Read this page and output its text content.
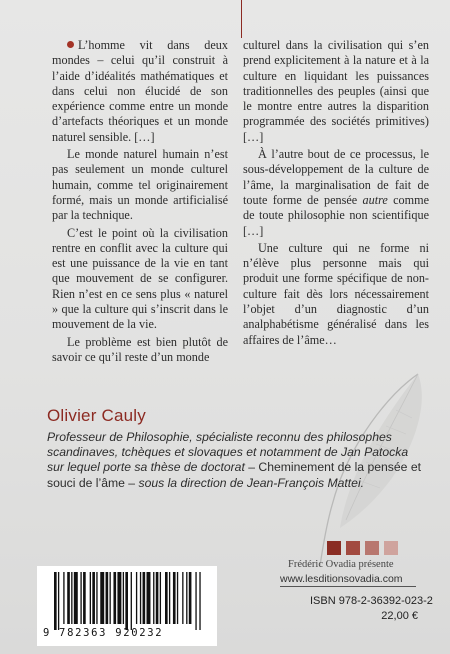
L’homme vit dans deux mondes – celui qu’il construit à l’aide d’idéalités mathématiques et dans celui non élucidé de son expérience comme entre un monde d’artefacts théoriques et un monde naturel sensible. […]

Le monde naturel humain n’est pas seulement un monde culturel humain, comme tel originairement formé, mais un monde artificialisé par la technique.

C’est le point où la civilisation rentre en conflit avec la culture qui est une puissance de la vie en tant que mouvement de se configurer. Rien n’est en ce sens plus « naturel » que la culture qui s’inscrit dans le mouvement de la vie.

Le problème est bien plutôt de savoir ce qu’il reste d’un monde

culturel dans la civilisation qui s’en prend explicitement à la nature et à la culture en liquidant les puissances traditionnelles des peuples (ainsi que le montre entre autres la disparition programmée des sociétés primitives) […]

À l’autre bout de ce processus, le sous-développement de la culture de l’âme, la marginalisation de fait de toute forme de pensée autre comme de toute philosophie non scientifique […]

Une culture qui ne forme ni n’élève plus personne mais qui produit une forme spécifique de non-culture fait dès lors nécessairement l’objet d’un diagnostic d’un analphabétisme généralisé dans les affaires de l’âme…

Olivier Cauly
Professeur de Philosophie, spécialiste reconnu des philosophes scandinaves, tchèques et slovaques et notamment de Jan Patocka sur lequel porte sa thèse de doctorat – Cheminement de la pensée et souci de l’âme – sous la direction de Jean-François Mattei.
Frédéric Ovadia présente
www.lesditionsovadia.com
9 782363 920232
ISBN 978-2-36392-023-2
22,00 €
